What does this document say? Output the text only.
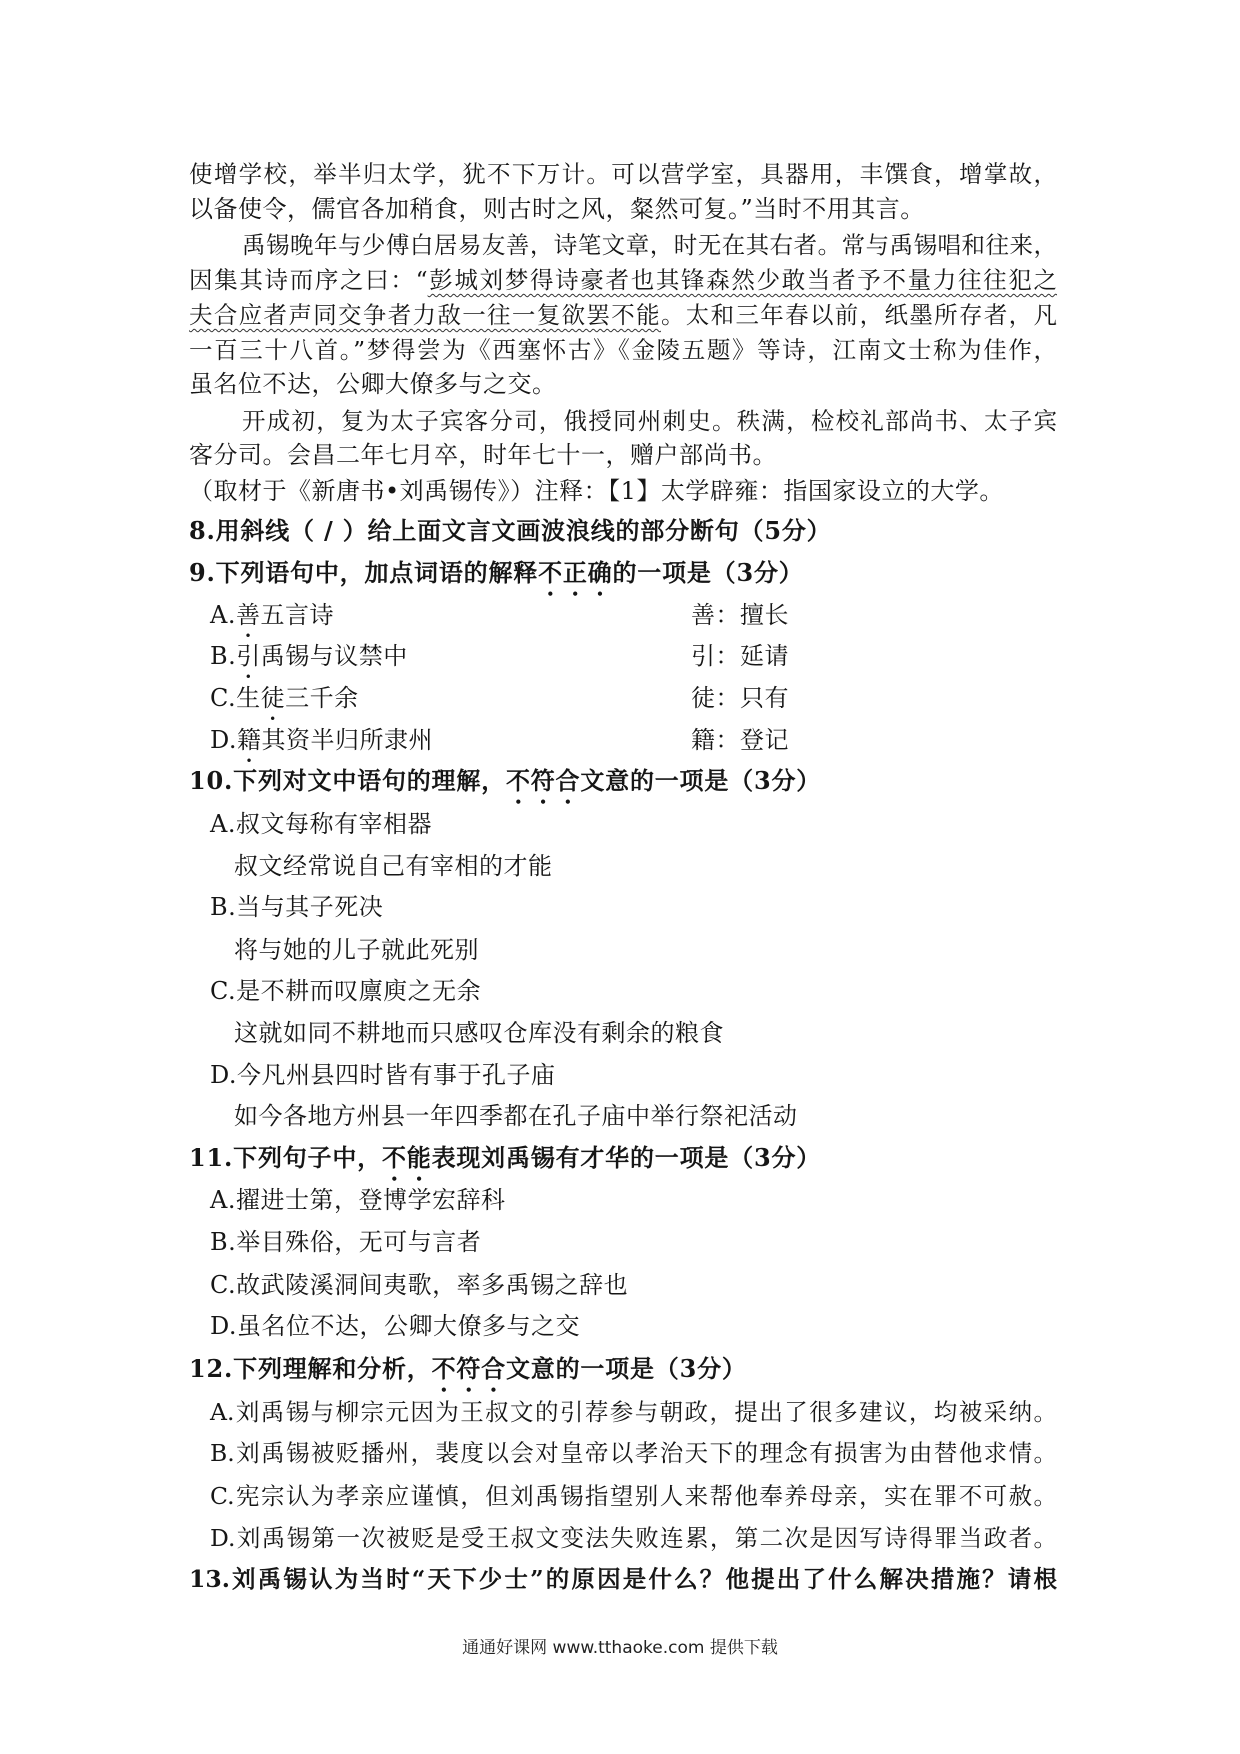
使增学校，举半归太学，犹不下万计。可以营学室，具器用，丰馔食，增掌故，
以备使令，儒官各加稍食，则古时之风，粲然可复。”当时不用其言。
禹锡晚年与少傅白居易友善，诗笔文章，时无在其右者。常与禹锡唱和往来，
因集其诗而序之曰：“彭城刘梦得诗豪者也其锋森然少敢当者予不量力往往犯之
夫合应者声同交争者力敌一往一复欲罢不能。太和三年春以前，纸墨所存者，凡
一百三十八首。”梦得尝为《西塞怀古》《金陵五题》等诗，江南文士称为佳作，
虽名位不达，公卿大僚多与之交。
开成初，复为太子宾客分司，俄授同州刺史。秩满，检校礼部尚书、太子宾
客分司。会昌二年七月卒，时年七十一，赠户部尚书。
（取材于《新唐书•刘禹锡传》）注释：【1】太学辟雍：指国家设立的大学。
8.用斜线（ / ）给上面文言文画波浪线的部分断句（5分）
9.下列语句中，加点词语的解释不正确的一项是（3分）
A.善五言诗	善：擅长
B.引禹锡与议禁中	引：延请
C.生徒三千余	徒：只有
D.籍其资半归所隶州	籍：登记
10.下列对文中语句的理解，不符合文意的一项是（3分）
A.叔文每称有宰相器
叔文经常说自己有宰相的才能
B.当与其子死决
将与她的儿子就此死别
C.是不耕而叹廪庾之无余
这就如同不耕地而只感叹仓库没有剩余的粮食
D.今凡州县四时皆有事于孔子庙
如今各地方州县一年四季都在孔子庙中举行祭祀活动
11.下列句子中，不能表现刘禹锡有才华的一项是（3分）
A.擢进士第，登博学宏辞科
B.举目殊俗，无可与言者
C.故武陵溪洞间夷歌，率多禹锡之辞也
D.虽名位不达，公卿大僚多与之交
12.下列理解和分析，不符合文意的一项是（3分）
A.刘禹锡与柳宗元因为王叔文的引荐参与朝政，提出了很多建议，均被采纳。
B.刘禹锡被贬播州，裴度以会对皇帝以孝治天下的理念有损害为由替他求情。
C.宪宗认为孝亲应谨慎，但刘禹锡指望别人来帮他奉养母亲，实在罪不可赦。
D.刘禹锡第一次被贬是受王叔文变法失败连累，第二次是因写诗得罪当政者。
13.刘禹锡认为当时“天下少士”的原因是什么？他提出了什么解决措施？请根
通通好课网 www.tthaoke.com 提供下载
